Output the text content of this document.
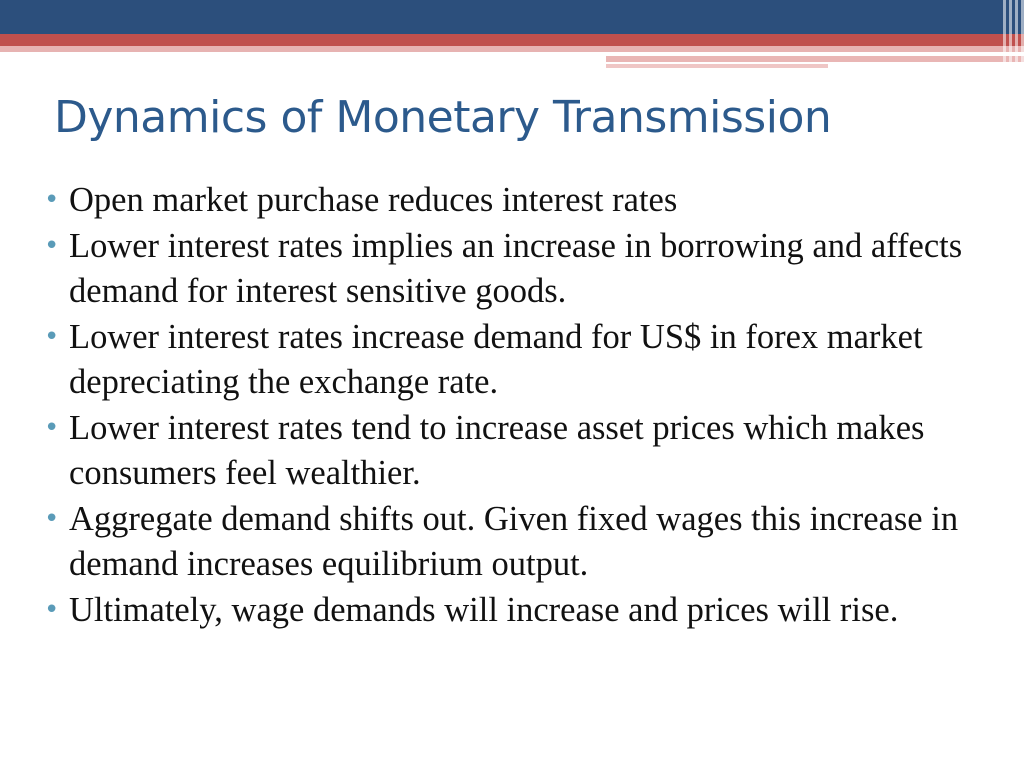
Dynamics of Monetary Transmission
• Open market purchase reduces interest rates
• Lower interest rates implies an increase in borrowing and affects demand for interest sensitive goods.
• Lower interest rates increase demand for US$ in forex market depreciating the exchange rate.
• Lower interest rates tend to increase asset prices which makes consumers feel wealthier.
• Aggregate demand shifts out. Given fixed wages this increase in demand increases equilibrium output.
• Ultimately, wage demands will increase and prices will rise.
